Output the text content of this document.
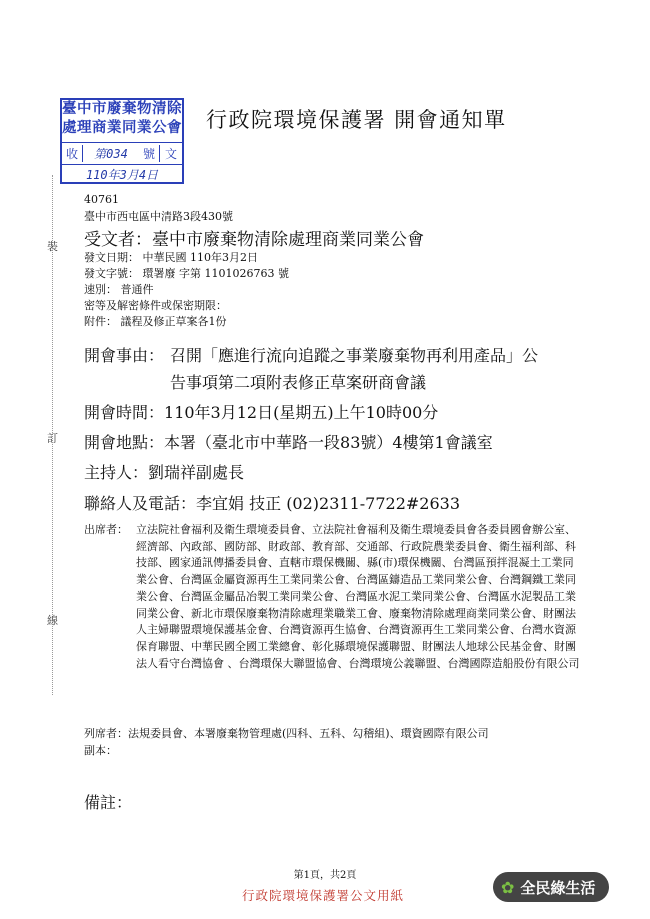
臺中市廢棄物清除
處理商業同業公會
收	第034	號 文
110年3月4日
行政院環境保護署 開會通知單
裝
訂
線
40761
臺中市西屯區中清路3段430號
受文者：臺中市廢棄物清除處理商業同業公會
發文日期： 中華民國 110年3月2日
發文字號： 環署廢 字第 1101026763 號
速別： 普通件
密等及解密條件或保密期限：
附件： 議程及修正草案各1份
開會事由： 召開「應進行流向追蹤之事業廢棄物再利用產品」公
告事項第二項附表修正草案研商會議
開會時間：110年3月12日(星期五)上午10時00分
開會地點：本署（臺北市中華路一段83號）4樓第1會議室
主持人：劉瑞祥副處長
聯絡人及電話：李宜娟 技正 (02)2311-7722#2633
出席者： 立法院社會福利及衛生環境委員會、立法院社會福利及衛生環境委員會各委員國會辦公室、經濟部、內政部、國防部、財政部、教育部、交通部、行政院農業委員會、衛生福利部、科技部、國家通訊傳播委員會、直轄市環保機關、縣(市)環保機關、台灣區預拌混凝土工業同業公會、台灣區金屬資源再生工業同業公會、台灣區鑄造品工業同業公會、台灣鋼鐵工業同業公會、台灣區金屬品冶製工業同業公會、台灣區水泥工業同業公會、台灣區水泥製品工業同業公會、新北市環保廢棄物清除處理業職業工會、廢棄物清除處理商業同業公會、財團法人主婦聯盟環境保護基金會、台灣資源再生協會、台灣資源再生工業同業公會、台灣水資源保育聯盟、中華民國全國工業總會、彰化縣環境保護聯盟、財團法人地球公民基金會、財團法人看守台灣協會 、台灣環保大聯盟協會、台灣環境公義聯盟、台灣國際造船股份有限公司
列席者：法規委員會、本署廢棄物管理處(四科、五科、勾稽組)、環資國際有限公司
副本：
備註：
第1頁，共2頁
行政院環境保護署公文用紙	✿ 全民綠生活
